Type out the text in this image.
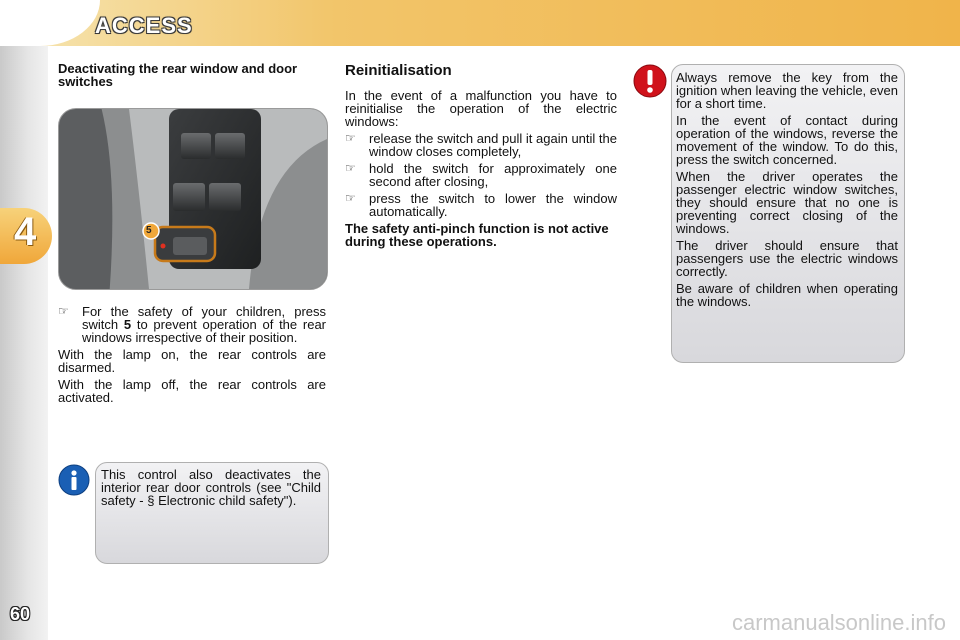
ACCESS
4
60
Deactivating the rear window and door switches
5
☞	For the safety of your children, press switch 5 to prevent operation of the rear windows irrespective of their position.

With the lamp on, the rear controls are disarmed.

With the lamp off, the rear controls are activated.

This control also deactivates the interior rear door controls (see "Child safety - § Electronic child safety").
Reinitialisation

In the event of a malfunction you have to reinitialise the operation of the electric windows:

☞	release the switch and pull it again until the window closes completely,
☞	hold the switch for approximately one second after closing,
☞	press the switch to lower the window automatically.
The safety anti-pinch function is not active during these operations.

Always remove the key from the ignition when leaving the vehicle, even for a short time.

In the event of contact during operation of the windows, reverse the movement of the window. To do this, press the switch concerned.

When the driver operates the passenger electric window switches, they should ensure that no one is preventing correct closing of the windows.

The driver should ensure that passengers use the electric windows correctly.

Be aware of children when operating the windows.

carmanualsonline.info
